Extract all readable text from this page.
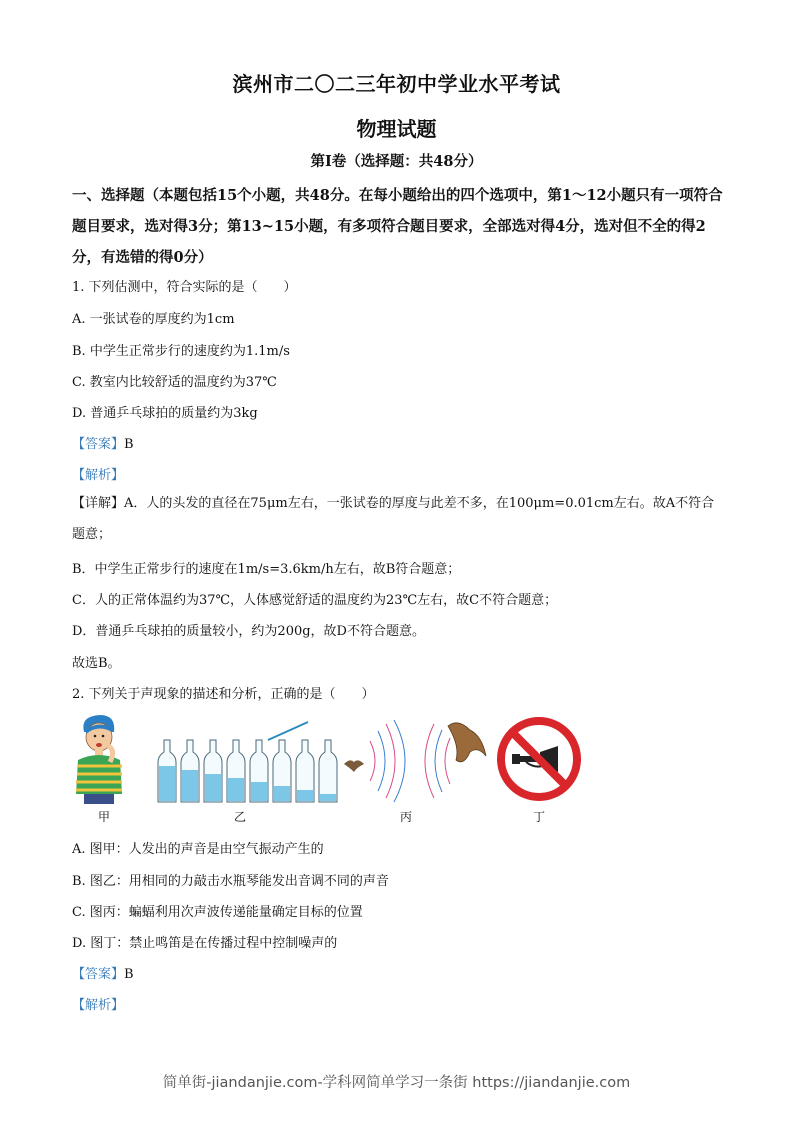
滨州市二〇二三年初中学业水平考试
物理试题
第I卷（选择题：共48分）
一、选择题（本题包括15个小题，共48分。在每小题给出的四个选项中，第1～12小题只有一项符合题目要求，选对得3分；第13~15小题，有多项符合题目要求，全部选对得4分，选对但不全的得2分，有选错的得0分）
1. 下列估测中，符合实际的是（　　）
A. 一张试卷的厚度约为1cm
B. 中学生正常步行的速度约为1.1m/s
C. 教室内比较舒适的温度约为37℃
D. 普通乒乓球拍的质量约为3kg
【答案】B
【解析】
【详解】A．人的头发的直径在75μm左右，一张试卷的厚度与此差不多，在100μm=0.01cm左右。故A不符合题意；
B．中学生正常步行的速度在1m/s=3.6km/h左右，故B符合题意；
C．人的正常体温约为37℃，人体感觉舒适的温度约为23℃左右，故C不符合题意；
D．普通乒乓球拍的质量较小，约为200g，故D不符合题意。
故选B。
2. 下列关于声现象的描述和分析，正确的是（　　）
甲	乙	丙	丁
A. 图甲：人发出的声音是由空气振动产生的
B. 图乙：用相同的力敲击水瓶琴能发出音调不同的声音
C. 图丙：蝙蝠利用次声波传递能量确定目标的位置
D. 图丁：禁止鸣笛是在传播过程中控制噪声的
【答案】B
【解析】
简单街-jiandanjie.com-学科网简单学习一条街 https://jiandanjie.com
